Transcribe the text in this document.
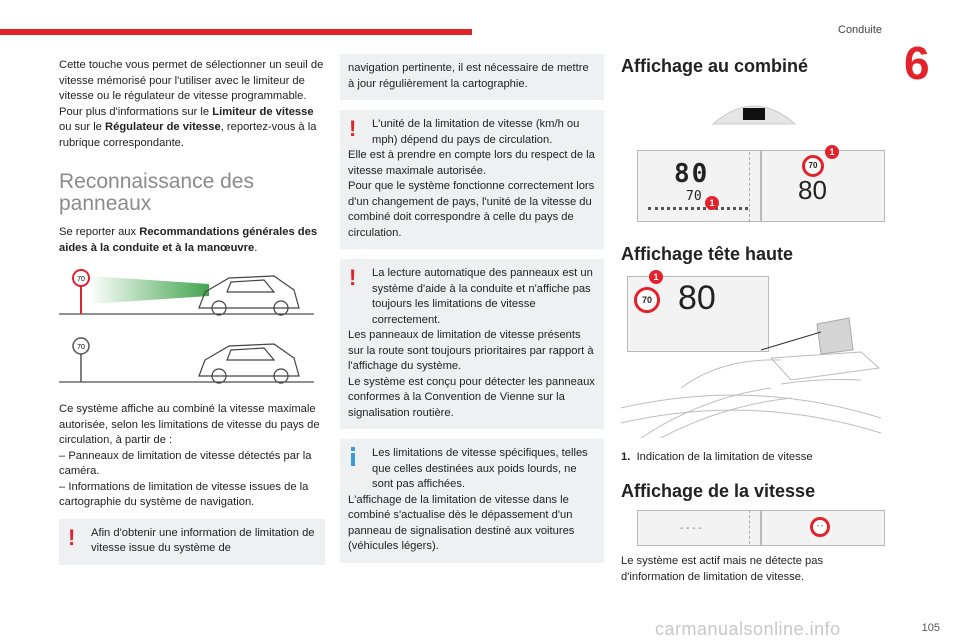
Conduite
6

Cette touche vous permet de sélectionner un seuil de vitesse mémorisé pour l'utiliser avec le limiteur de vitesse ou le régulateur de vitesse programmable.
Pour plus d'informations sur le Limiteur de vitesse ou sur le Régulateur de vitesse, reportez-vous à la rubrique correspondante.

Reconnaissance des panneaux

Se reporter aux Recommandations générales des aides à la conduite et à la manœuvre.

70
70

Ce système affiche au combiné la vitesse maximale autorisée, selon les limitations de vitesse du pays de circulation, à partir de :
– Panneaux de limitation de vitesse détectés par la caméra.
– Informations de limitation de vitesse issues de la cartographie du système de navigation.

!	Afin d'obtenir une information de limitation de vitesse issue du système de
navigation pertinente, il est nécessaire de mettre à jour régulièrement la cartographie.
!	L'unité de la limitation de vitesse (km/h ou mph) dépend du pays de circulation.
Elle est à prendre en compte lors du respect de la vitesse maximale autorisée.
Pour que le système fonctionne correctement lors d'un changement de pays, l'unité de la vitesse du combiné doit correspondre à celle du pays de circulation.
!	La lecture automatique des panneaux est un système d'aide à la conduite et n'affiche pas toujours les limitations de vitesse correctement.
Les panneaux de limitation de vitesse présents sur la route sont toujours prioritaires par rapport à l'affichage du système.
Le système est conçu pour détecter les panneaux conformes à la Convention de Vienne sur la signalisation routière.
Les limitations de vitesse spécifiques, telles que celles destinées aux poids lourds, ne sont pas affichées.
L'affichage de la limitation de vitesse dans le combiné s'actualise dès le dépassement d'un panneau de signalisation destiné aux voitures (véhicules légers).
Affichage au combiné
80
70 1
70
80
1
Affichage tête haute
70 80
1

1. Indication de la limitation de vitesse

Affichage de la vitesse
- - - -	- -

Le système est actif mais ne détecte pas d'information de limitation de vitesse.

carmanualsonline.info	105
